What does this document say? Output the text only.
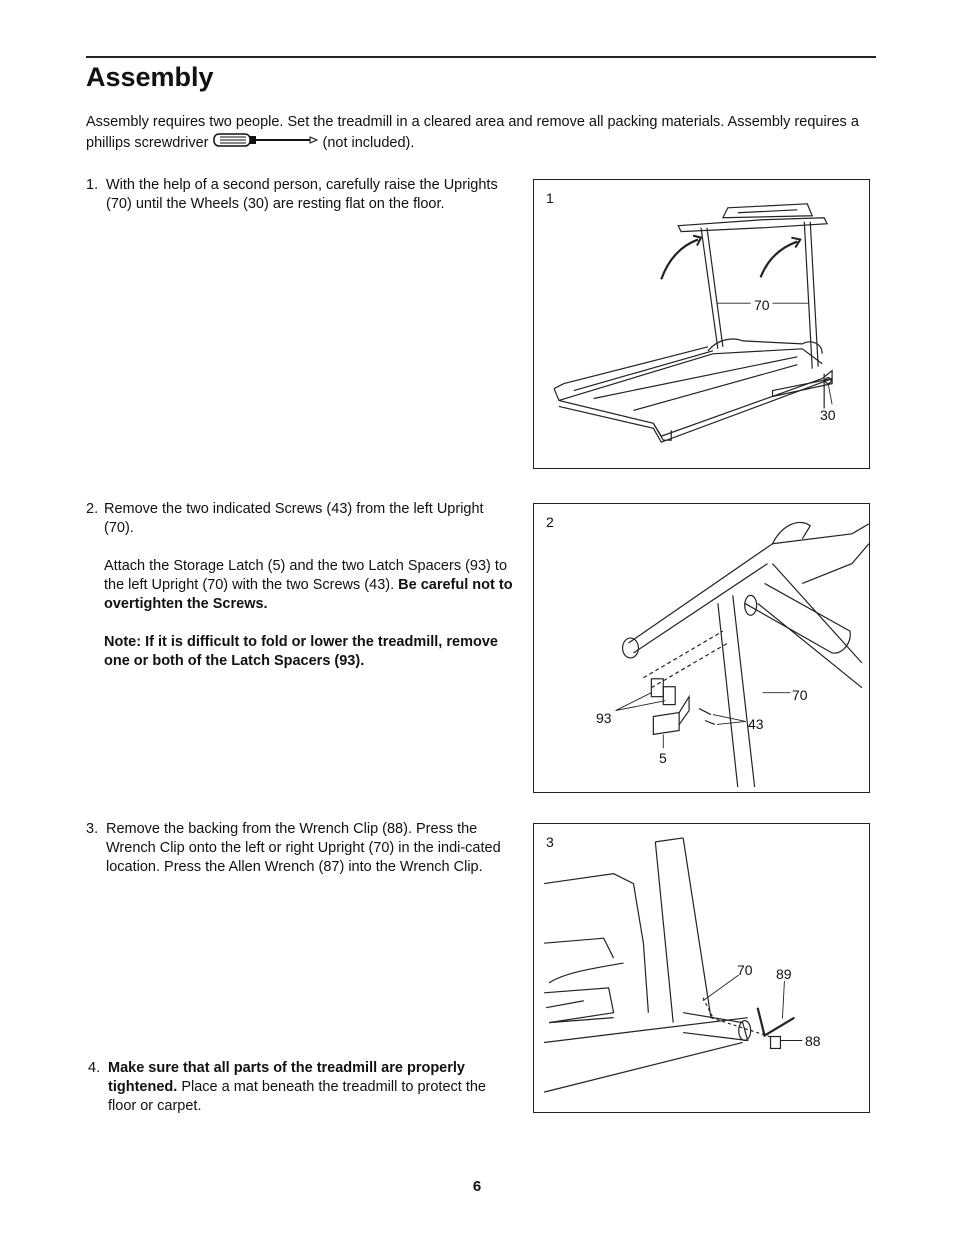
Assembly

Assembly requires two people. Set the treadmill in a cleared area and remove all packing materials. Assembly requires a phillips screwdriver	(not included).

1. With the help of a second person, carefully raise the Uprights (70) until the Wheels (30) are resting flat on the floor.

2. Remove the two indicated Screws (43) from the left Upright (70).

Attach the Storage Latch (5) and the two Latch Spacers (93) to the left Upright (70) with the two Screws (43). Be careful not to overtighten the Screws.

Note: If it is difficult to fold or lower the treadmill, remove one or both of the Latch Spacers (93).

3. Remove the backing from the Wrench Clip (88). Press the Wrench Clip onto the left or right Upright (70) in the indi-cated location. Press the Allen Wrench (87) into the Wrench Clip.

4. Make sure that all parts of the treadmill are properly tightened. Place a mat beneath the treadmill to protect the floor or carpet.

1
70
30
2
93	43
5
70
3
70 89
88
6
